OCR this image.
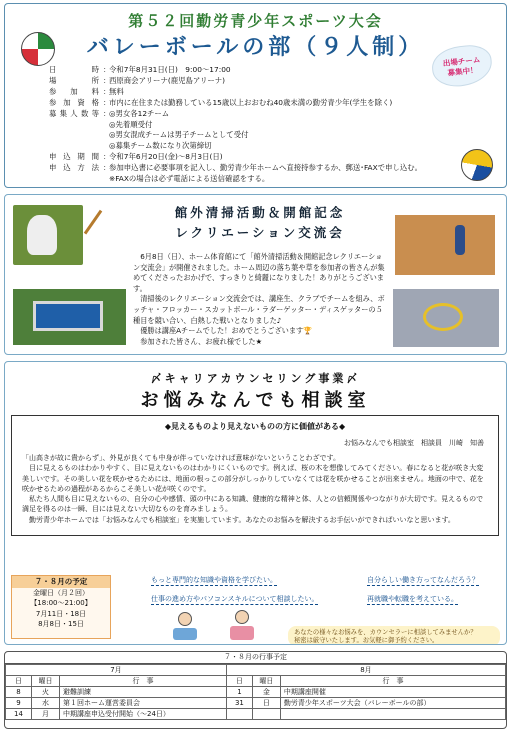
第５２回勤労青少年スポーツ大会
バレーボールの部（９人制）
出場チーム
募集中！
日時 ：
令和7年8月31日(日)　9:00～17:00
場所 ：
西原商会アリーナ(鹿児島アリーナ)
参加料 ：
無料
参加資格 ：
市内に在住または勤務している15歳以上おおむね40歳未満の勤労青少年(学生を除く)
募集人数等 ：
◎男女各12チーム
◎先着順受付
◎男女混成チームは男子チームとして受付
◎募集チーム数になり次第締切
申込期間 ：
令和7年6月20日(金)～8月3日(日)
申込方法 ：
参加申込書に必要事項を記入し、勤労青少年ホームへ直接持参するか、郵送･FAXで申し込む。
※FAXの場合は必ず電話による送信確認をする。
館外清掃活動＆開館記念
レクリエーション交流会

　6月8日（日）、ホーム体育館にて「館外清掃活動＆開館記念レクリエーション交流会」が開催されました。ホーム周辺の落ち葉や草を参加者の皆さんが集めてくださったおかげで、すっきりと綺麗になりました！ありがとうございます。

　清掃後のレクリエーション交流会では、講座生、クラブでチームを組み、ボッチャ・フロッカー・スカットボール・ラダーゲッター・ディスゲッターの５種目を競い合い、白熱した戦いとなりました♪

　優勝は講座Aチームでした！おめでとうございます🏆

　参加された皆さん、お疲れ様でした★

〆キャリアカウンセリング事業〆
お悩みなんでも相談室
◆見えるものより見えないものの方に価値がある◆
お悩みなんでも相談室　相談員　川崎　知善

「山高きが故に貴からず」、外見が良くても中身が伴っていなければ意味がないということわざです。

　目に見えるものはわかりやすく、目に見えないものはわかりにくいものです。例えば、桜の木を想像してみてください。春になると花が咲き大変美しいです。その美しい花を咲かせるためには、地面の根っこの部分がしっかりしていなくては花を咲かせることが出来ません。地面の中で、花を咲かせるための過程があるからこそ美しい花が咲くのです。

　私たち人間も目に見えないもの、自分の心や感情、頭の中にある知識、健康的な精神と体、人との信頼関係やつながりが大切です。見えるもので満足を得るのは一瞬、目には見えない大切なものを育みましょう。

　勤労青少年ホームでは「お悩みなんでも相談室」を実施しています。あなたのお悩みを解決するお手伝いができればいいなと思います。

７・８月の予定
金曜日（月２回）
【18:00～21:00】
7月11日・18日
8月8日・15日
もっと専門的な知識や資格を学びたい。
仕事の進め方やパソコンスキルについて相談したい。
自分らしい働き方ってなんだろう？
再就職や転職を考えている。
あなたの様々なお悩みを、カウンセラーに相談してみませんか？
秘密は厳守いたします。お気軽に御予約ください。
７・８月の行事予定
7月			8月		
日	曜日	行　事	日	曜日	行　事
8	火	避難訓練	1	金	中期講座開催
9	水	第１回ホーム運営委員会	31	日	勤労青少年スポーツ大会（バレーボールの部）
14	月	中期講座申込受付開始（～24日）			
